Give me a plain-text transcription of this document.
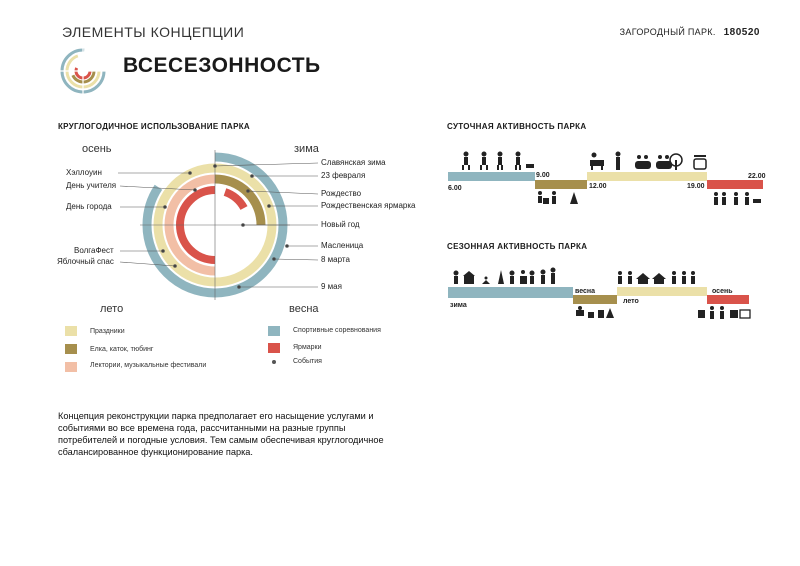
ЭЛЕМЕНТЫ КОНЦЕПЦИИ	ЗАГОРОДНЫЙ ПАРК. 180520
ВСЕСЕЗОННОСТЬ
КРУГЛОГОДИЧНОЕ ИСПОЛЬЗОВАНИЕ ПАРКА
осень	зима
лето	весна
Славянская зима
23 февраля
Рождество
Рождественская ярмарка
Новый год
Масленица
8 марта
9 мая
Хэллоуин
День учителя
День города
ВолгаФест
Яблочный спас
Праздники	Спортивные соревнования
Елка, каток, тюбинг	Ярмарки
Лектории, музыкальные фестивали
События
Концепция реконструкции парка предполагает его насыщение услугами и событиями во все времена года, рассчитанными на разные группы потребителей и погодные условия. Тем самым обеспечивая круглогодичное сбалансированное функционирование парка.
СУТОЧНАЯ АКТИВНОСТЬ ПАРКА
6.00
9.00
12.00	19.00
22.00
СЕЗОННАЯ АКТИВНОСТЬ ПАРКА
зима
весна
лето
осень
